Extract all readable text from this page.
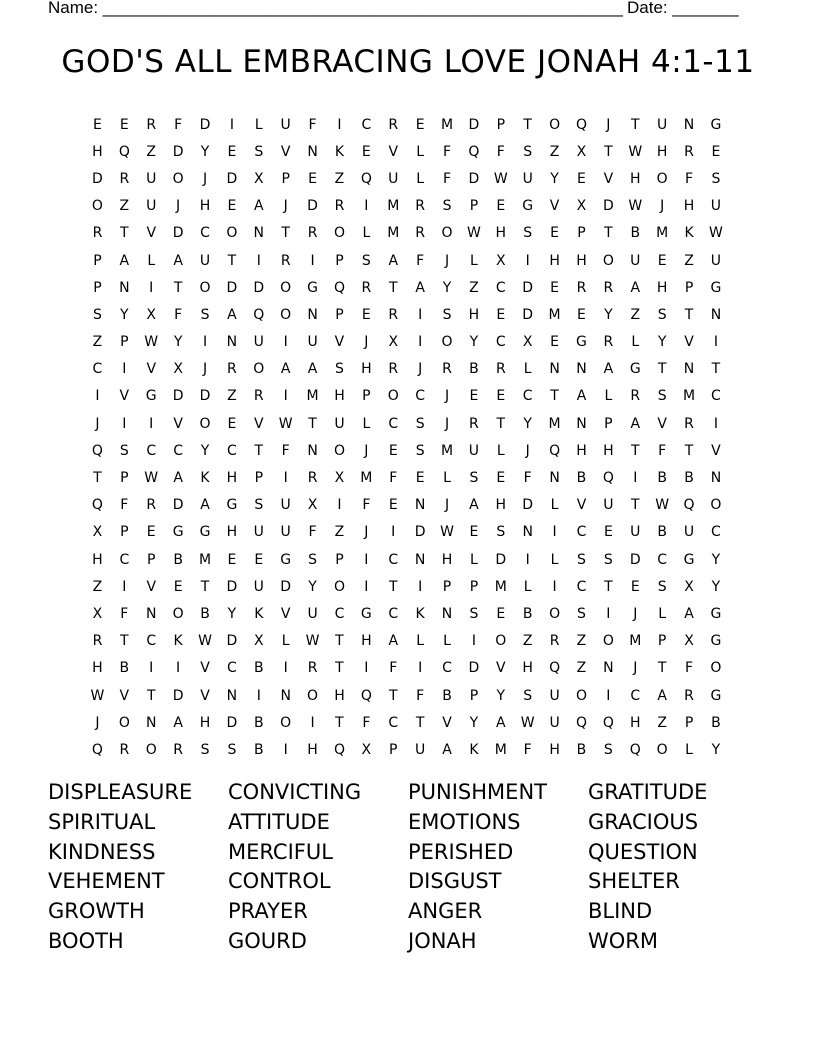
Name: _______________________________________________________

Date: _______

GOD'S ALL EMBRACING LOVE JONAH 4:1-11
E	E	R	F	D	I	L	U	F	I	C	R	E	M	D	P	T	O	Q	J	T	U	N	G
H	Q	Z	D	Y	E	S	V	N	K	E	V	L	F	Q	F	S	Z	X	T	W	H	R	E
D	R	U	O	J	D	X	P	E	Z	Q	U	L	F	D	W	U	Y	E	V	H	O	F	S
O	Z	U	J	H	E	A	J	D	R	I	M	R	S	P	E	G	V	X	D	W	J	H	U
R	T	V	D	C	O	N	T	R	O	L	M	R	O	W	H	S	E	P	T	B	M	K	W
P	A	L	A	U	T	I	R	I	P	S	A	F	J	L	X	I	H	H	O	U	E	Z	U
P	N	I	T	O	D	D	O	G	Q	R	T	A	Y	Z	C	D	E	R	R	A	H	P	G
S	Y	X	F	S	A	Q	O	N	P	E	R	I	S	H	E	D	M	E	Y	Z	S	T	N
Z	P	W	Y	I	N	U	I	U	V	J	X	I	O	Y	C	X	E	G	R	L	Y	V	I
C	I	V	X	J	R	O	A	A	S	H	R	J	R	B	R	L	N	N	A	G	T	N	T
I	V	G	D	D	Z	R	I	M	H	P	O	C	J	E	E	C	T	A	L	R	S	M	C
J	I	I	V	O	E	V	W	T	U	L	C	S	J	R	T	Y	M	N	P	A	V	R	I
Q	S	C	C	Y	C	T	F	N	O	J	E	S	M	U	L	J	Q	H	H	T	F	T	V
T	P	W	A	K	H	P	I	R	X	M	F	E	L	S	E	F	N	B	Q	I	B	B	N
Q	F	R	D	A	G	S	U	X	I	F	E	N	J	A	H	D	L	V	U	T	W	Q	O
X	P	E	G	G	H	U	U	F	Z	J	I	D	W	E	S	N	I	C	E	U	B	U	C
H	C	P	B	M	E	E	G	S	P	I	C	N	H	L	D	I	L	S	S	D	C	G	Y
Z	I	V	E	T	D	U	D	Y	O	I	T	I	P	P	M	L	I	C	T	E	S	X	Y
X	F	N	O	B	Y	K	V	U	C	G	C	K	N	S	E	B	O	S	I	J	L	A	G
R	T	C	K	W	D	X	L	W	T	H	A	L	L	I	O	Z	R	Z	O	M	P	X	G
H	B	I	I	V	C	B	I	R	T	I	F	I	C	D	V	H	Q	Z	N	J	T	F	O
W	V	T	D	V	N	I	N	O	H	Q	T	F	B	P	Y	S	U	O	I	C	A	R	G
J	O	N	A	H	D	B	O	I	T	F	C	T	V	Y	A	W	U	Q	Q	H	Z	P	B
Q	R	O	R	S	S	B	I	H	Q	X	P	U	A	K	M	F	H	B	S	Q	O	L	Y
DISPLEASURE	CONVICTING	PUNISHMENT	GRATITUDE
SPIRITUAL	ATTITUDE	EMOTIONS	GRACIOUS
KINDNESS	MERCIFUL	PERISHED	QUESTION
VEHEMENT	CONTROL	DISGUST	SHELTER
GROWTH	PRAYER	ANGER	BLIND
BOOTH	GOURD	JONAH	WORM
